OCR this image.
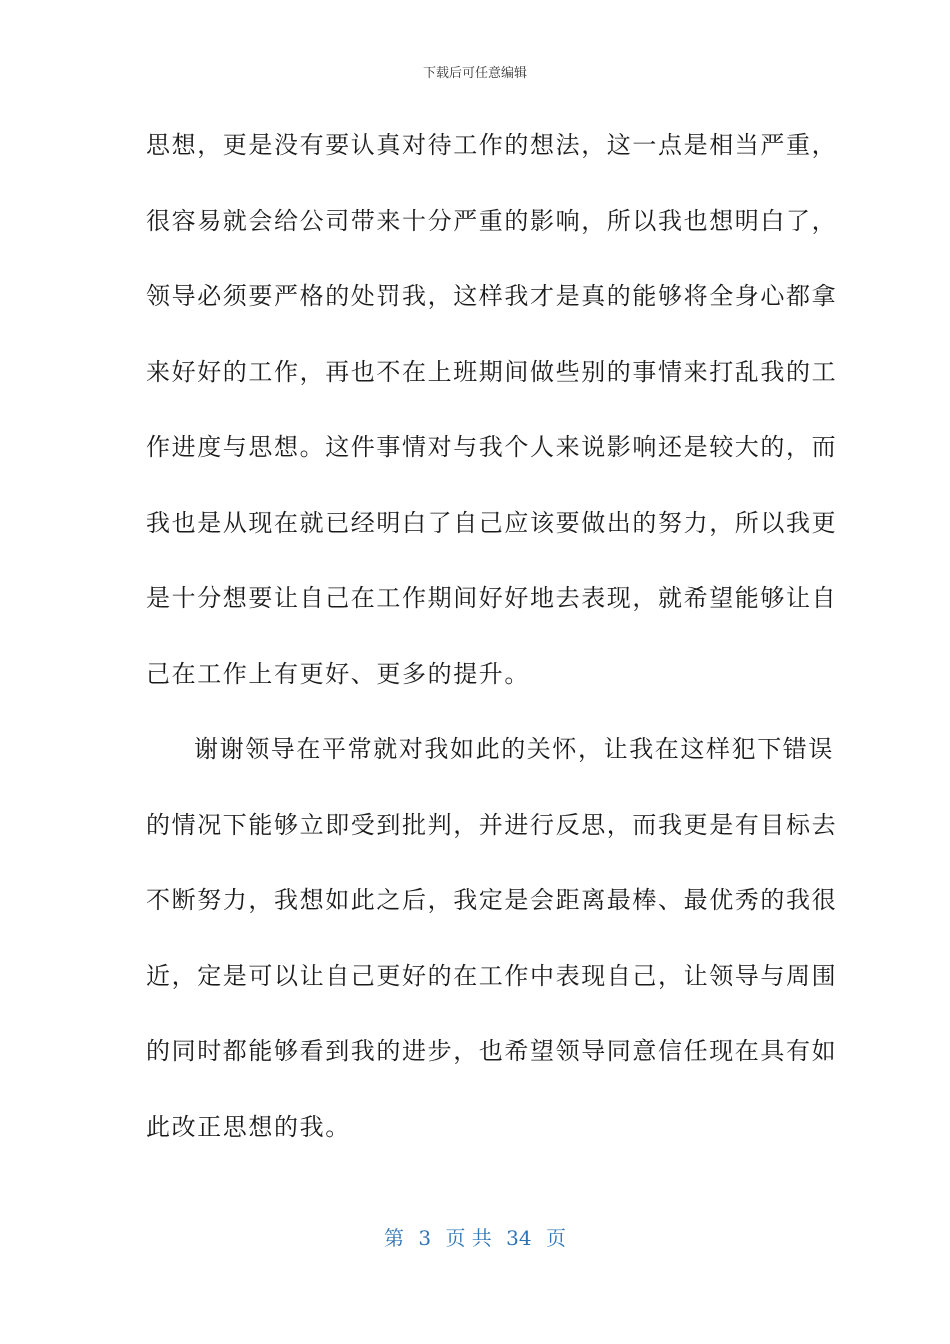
下载后可任意编辑
思想，更是没有要认真对待工作的想法，这一点是相当严重，
很容易就会给公司带来十分严重的影响，所以我也想明白了，
领导必须要严格的处罚我，这样我才是真的能够将全身心都拿
来好好的工作，再也不在上班期间做些别的事情来打乱我的工
作进度与思想。这件事情对与我个人来说影响还是较大的，而
我也是从现在就已经明白了自己应该要做出的努力，所以我更
是十分想要让自己在工作期间好好地去表现，就希望能够让自
己在工作上有更好、更多的提升。
谢谢领导在平常就对我如此的关怀，让我在这样犯下错误
的情况下能够立即受到批判，并进行反思，而我更是有目标去
不断努力，我想如此之后，我定是会距离最棒、最优秀的我很
近，定是可以让自己更好的在工作中表现自己，让领导与周围
的同时都能够看到我的进步，也希望领导同意信任现在具有如
此改正思想的我。
第 3 页 共 34 页
